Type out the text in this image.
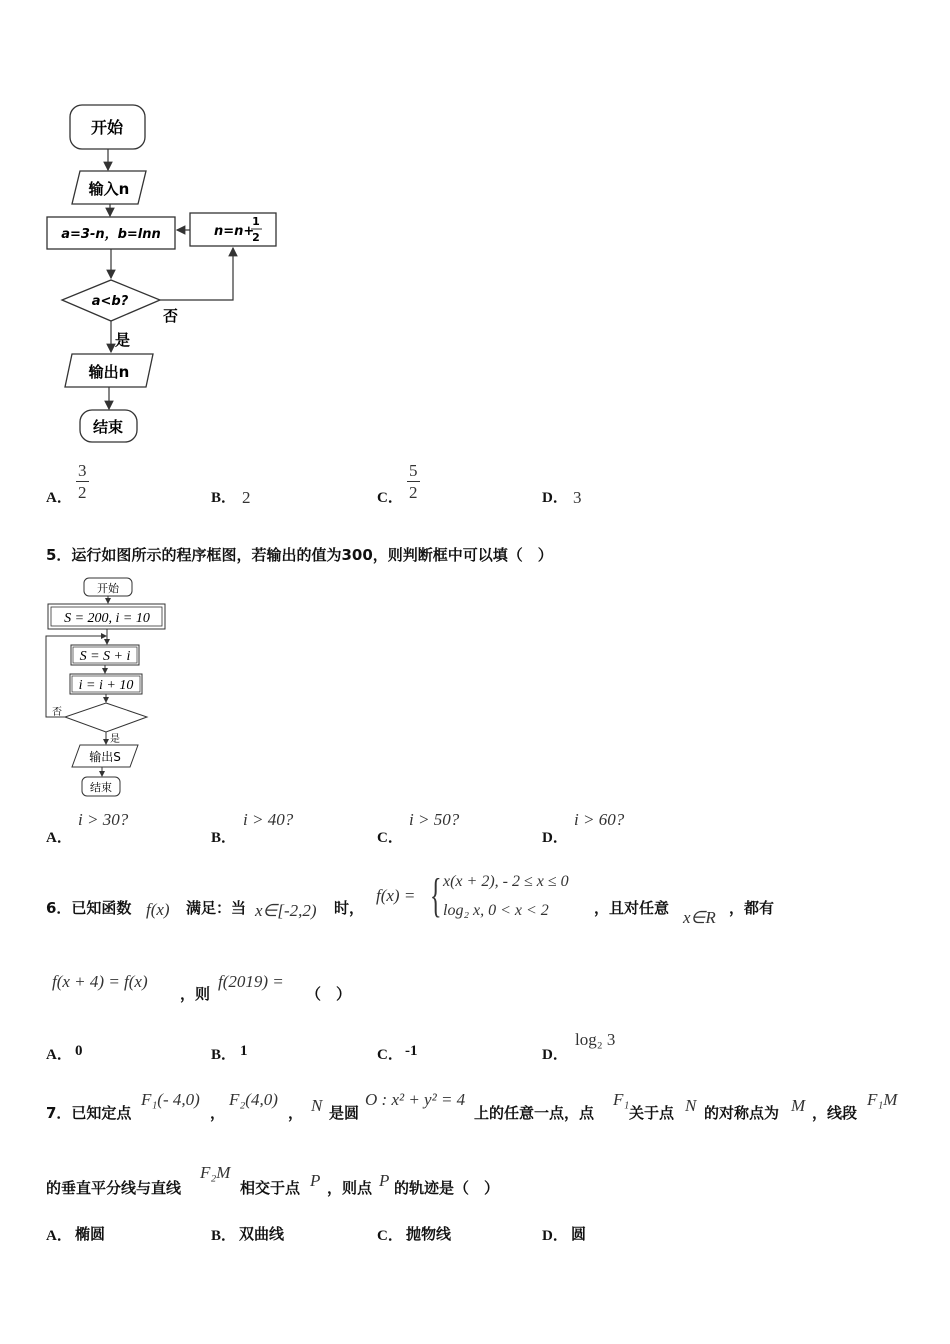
开始
输入n
a=3-n，b=lnn	n=n+
1
2
a<b?
否
是
输出n
结束
A． $\frac{3}{2}$	B． 2	C． $\frac{5}{2}$	D． 3
5．运行如图所示的程序框图，若输出的值为300，则判断框中可以填（　）
开始
S = 200, i = 10
S = S + i
i = i + 10
否
是
输出S
结束
A．
i > 30?
B．
i > 40?
C．
i > 50?
D．
i > 60?
6．已知函数 f(x) 满足：当 x∈[-2,2) 时，
f(x) = { x(x + 2), - 2 ≤ x ≤ 0
log₂ x, 0 < x < 2	，且对任意 x∈R ，都有
f(x + 4) = f(x)
，则
f(2019) =
（　）
A． 0	B． 1	C． -1	D．
log₂ 3
7．已知定点
F₁(- 4,0)
，
F₂(4,0)
， N 是圆
O : x² + y² = 4
上的任意一点，点
F₁
关于点 N 的对称点为 M ，线段
F₁M
的垂直平分线与直线
F₂M
相交于点 P ，则点 P 的轨迹是（　）
A． 椭圆	B． 双曲线	C． 抛物线	D． 圆
